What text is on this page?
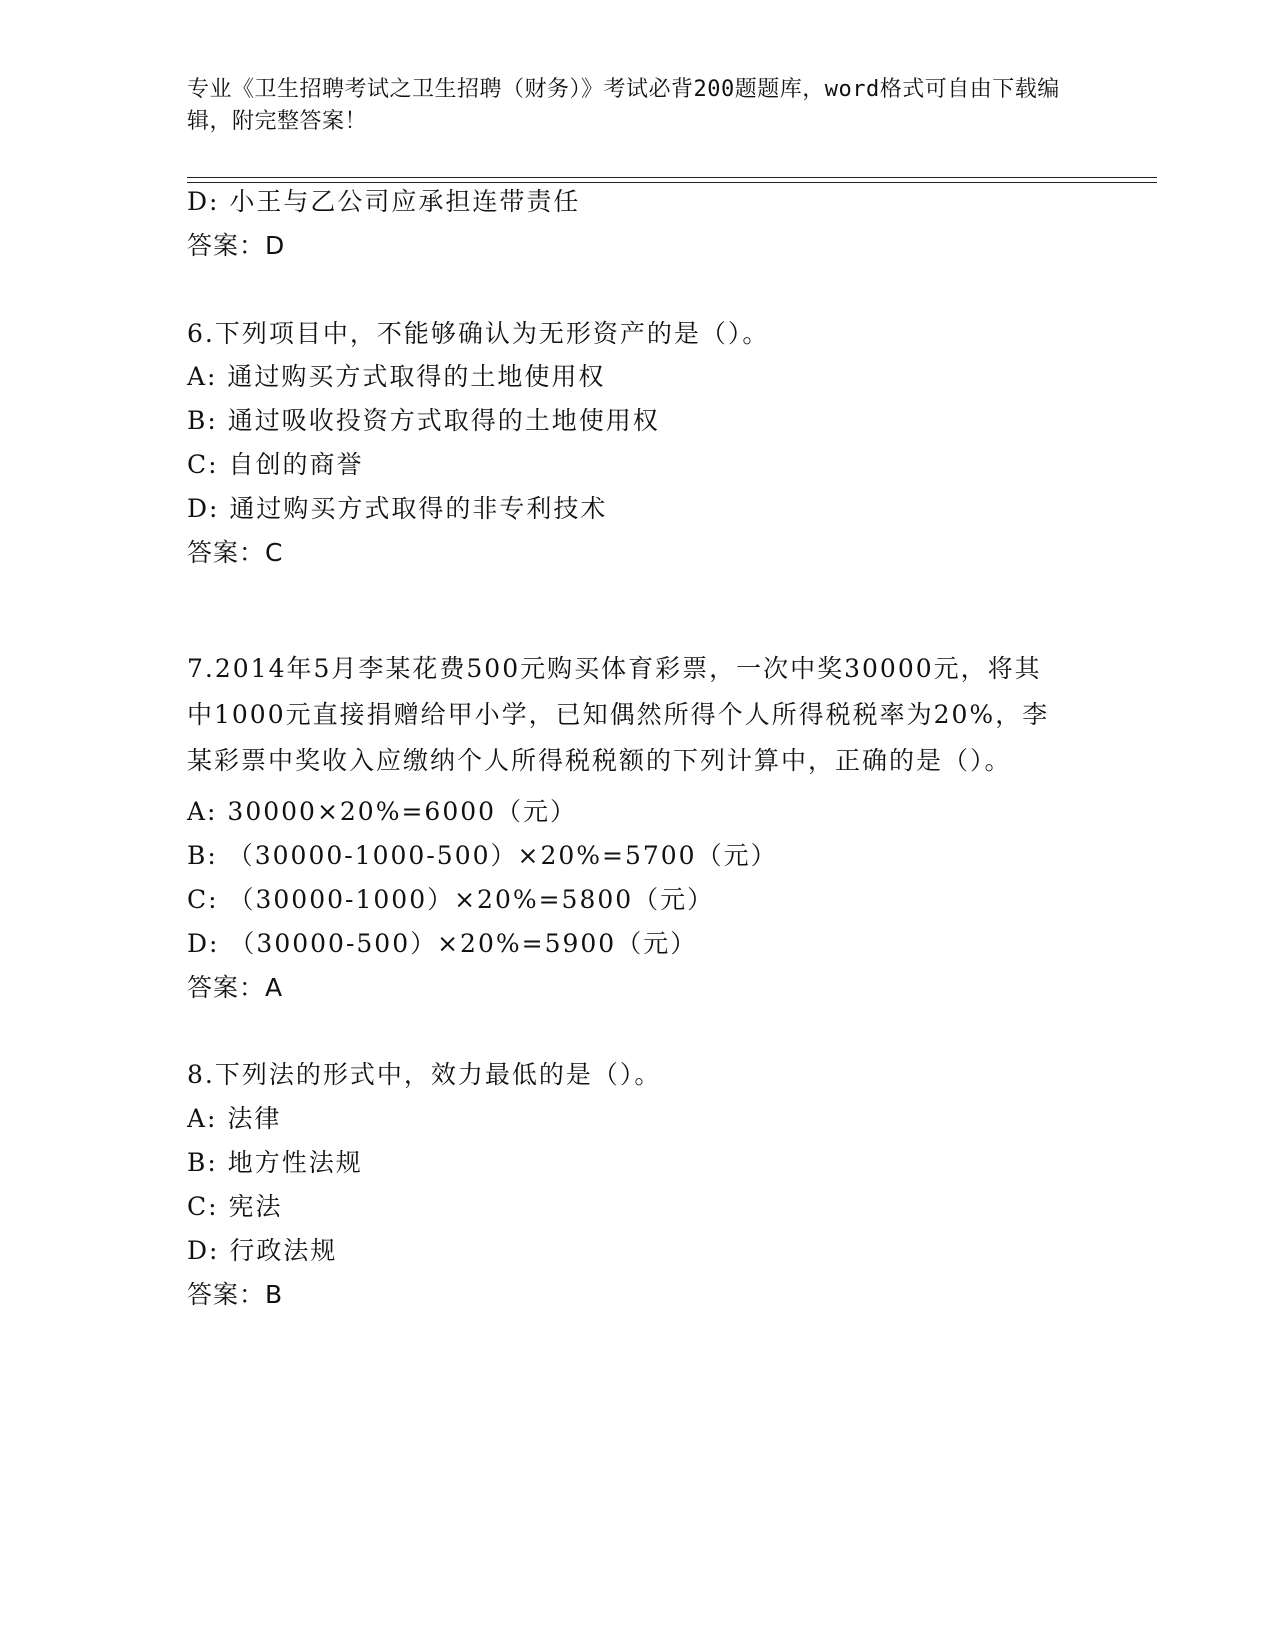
专业《卫生招聘考试之卫生招聘（财务）》考试必背200题题库，word格式可自由下载编辑，附完整答案！
D: 小王与乙公司应承担连带责任
答案：D
6.下列项目中，不能够确认为无形资产的是（）。
A: 通过购买方式取得的土地使用权
B: 通过吸收投资方式取得的土地使用权
C: 自创的商誉
D: 通过购买方式取得的非专利技术
答案：C
7.2014年5月李某花费500元购买体育彩票，一次中奖30000元，将其中1000元直接捐赠给甲小学，已知偶然所得个人所得税税率为20%，李某彩票中奖收入应缴纳个人所得税税额的下列计算中，正确的是（）。
A: 30000×20%=6000（元）
B: （30000-1000-500）×20%=5700（元）
C: （30000-1000）×20%=5800（元）
D: （30000-500）×20%=5900（元）
答案：A
8.下列法的形式中，效力最低的是（）。
A: 法律
B: 地方性法规
C: 宪法
D: 行政法规
答案：B
